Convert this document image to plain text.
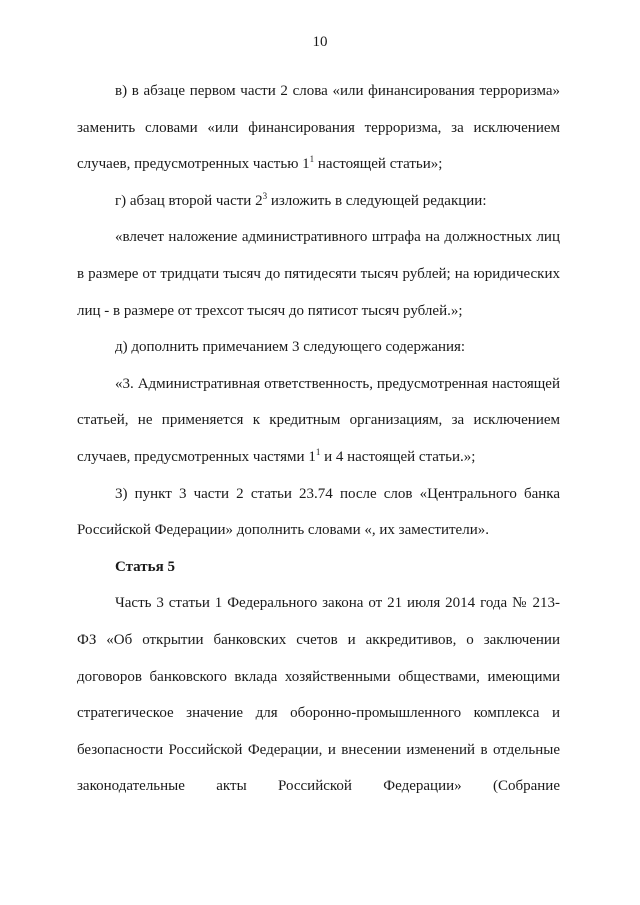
10

в) в абзаце первом части 2 слова «или финансирования терроризма» заменить словами «или финансирования терроризма, за исключением случаев, предусмотренных частью $1^1$ настоящей статьи»;

г) абзац второй части $2^3$ изложить в следующей редакции:

«влечет наложение административного штрафа на должностных лиц в размере от тридцати тысяч до пятидесяти тысяч рублей; на юридических лиц - в размере от трехсот тысяч до пятисот тысяч рублей.»;

д) дополнить примечанием 3 следующего содержания:

«3. Административная ответственность, предусмотренная настоящей статьей, не применяется к кредитным организациям, за исключением случаев, предусмотренных частями $1^1$ и 4 настоящей статьи.»;

3) пункт 3 части 2 статьи 23.74 после слов «Центрального банка Российской Федерации» дополнить словами «, их заместители».

Статья 5

Часть 3 статьи 1 Федерального закона от 21 июля 2014 года № 213-ФЗ «Об открытии банковских счетов и аккредитивов, о заключении договоров банковского вклада хозяйственными обществами, имеющими стратегическое значение для оборонно-промышленного комплекса и безопасности Российской Федерации, и внесении изменений в отдельные законодательные акты Российской Федерации» (Собрание
